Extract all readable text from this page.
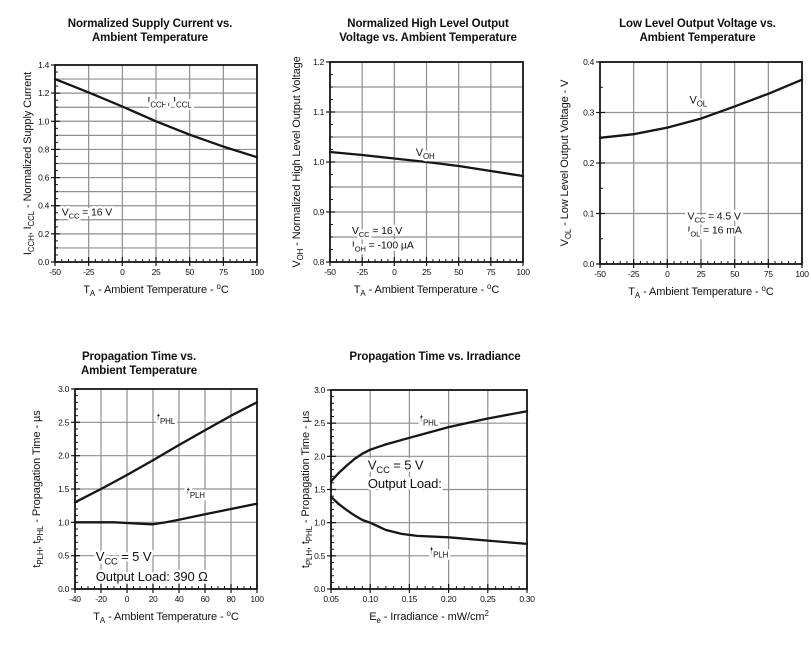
Normalized Supply Current vs.
Ambient Temperature
-50	-25	0	25	50	75	100
0.0
0.2
0.4
0.6
0.8
1.0
1.2
1.4
$T_A$ - Ambient Temperature - $^o$C
$I_{CCH}$, $I_{CCL}$ - Normalized Supply Current	$I_{CCH}$, $I_{CCL}$
$V_{CC} = 16$ V
Normalized High Level Output
Voltage vs. Ambient Temperature
-50 -25	0	25	50	75 100
0.8
0.9
1.0
1.1
1.2
$T_A$ - Ambient Temperature - $^o$C
$V_{OH}$ - Normalized High Level Output Voltage	$V_{OH}$
$V_{CC} = 16$ V
$I_{OH} = -100$ µA
Low Level Output Voltage vs.
Ambient Temperature
-50	-25	0	25	50	75	100
0.0
0.1
0.2
0.3
0.4
$T_A$ - Ambient Temperature - $^o$C
$V_{OL}$ - Low Level Output Voltage - V	$V_{OL}$
$V_{CC} = 4.5$ V
$I_{OL} = 16$ mA
Propagation Time vs.
Ambient Temperature
-40 -20 0 20 40 60 80 100
0.0
0.5
1.0
1.5
2.0
2.5
3.0
$T_A$ - Ambient Temperature - $^o$C
$t_{PLH}$, $t_{PHL}$ - Propagation Time - µs	$t_{PHL}$
$t_{PLH}$
$V_{CC} = 5$ V
Output Load: 390 Ω
Propagation Time vs. Irradiance
0.05	0.10	0.15	0.20	0.25	0.30
0.0
0.5
1.0
1.5
2.0
2.5
3.0
$E_e$ - Irradiance - $mW/cm^2$
$t_{PLH}$, $t_{PHL}$ - Propagation Time - µs	$t_{PHL}$
$t_{PLH}$
$V_{CC} = 5$ V
Output Load:
